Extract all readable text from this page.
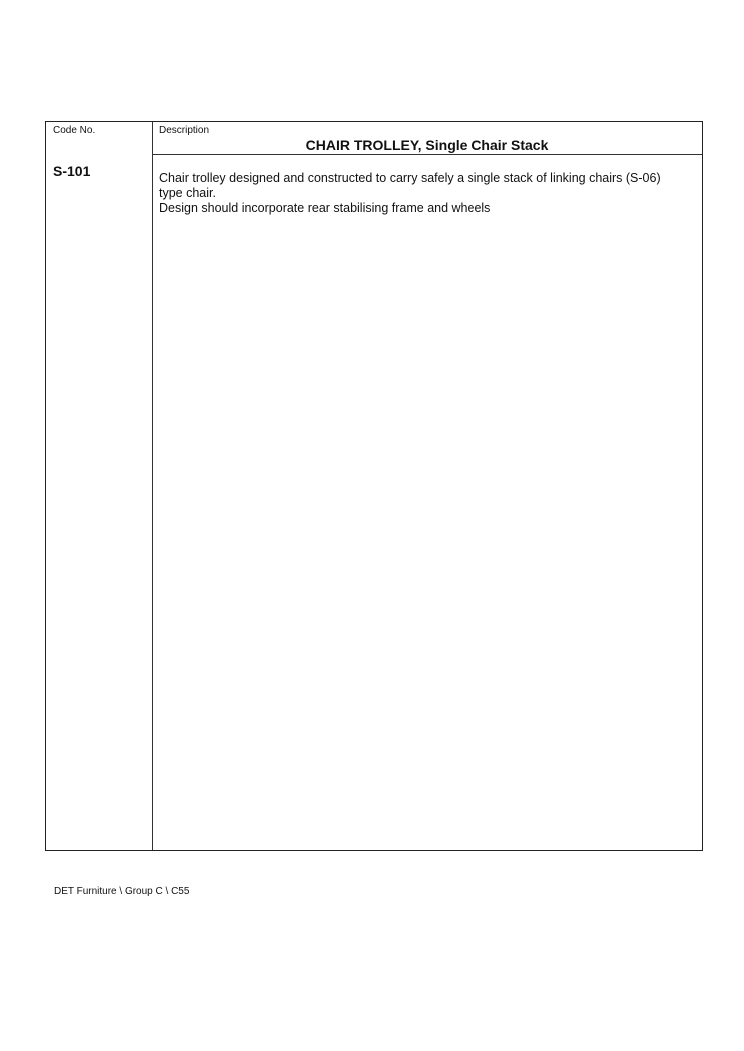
Code No.	Description
CHAIR TROLLEY, Single Chair Stack
S-101	Chair trolley designed and constructed to carry safely a single stack of linking chairs (S-06) type chair.

Design should incorporate rear stabilising frame and wheels

DET Furniture \ Group C \ C55
